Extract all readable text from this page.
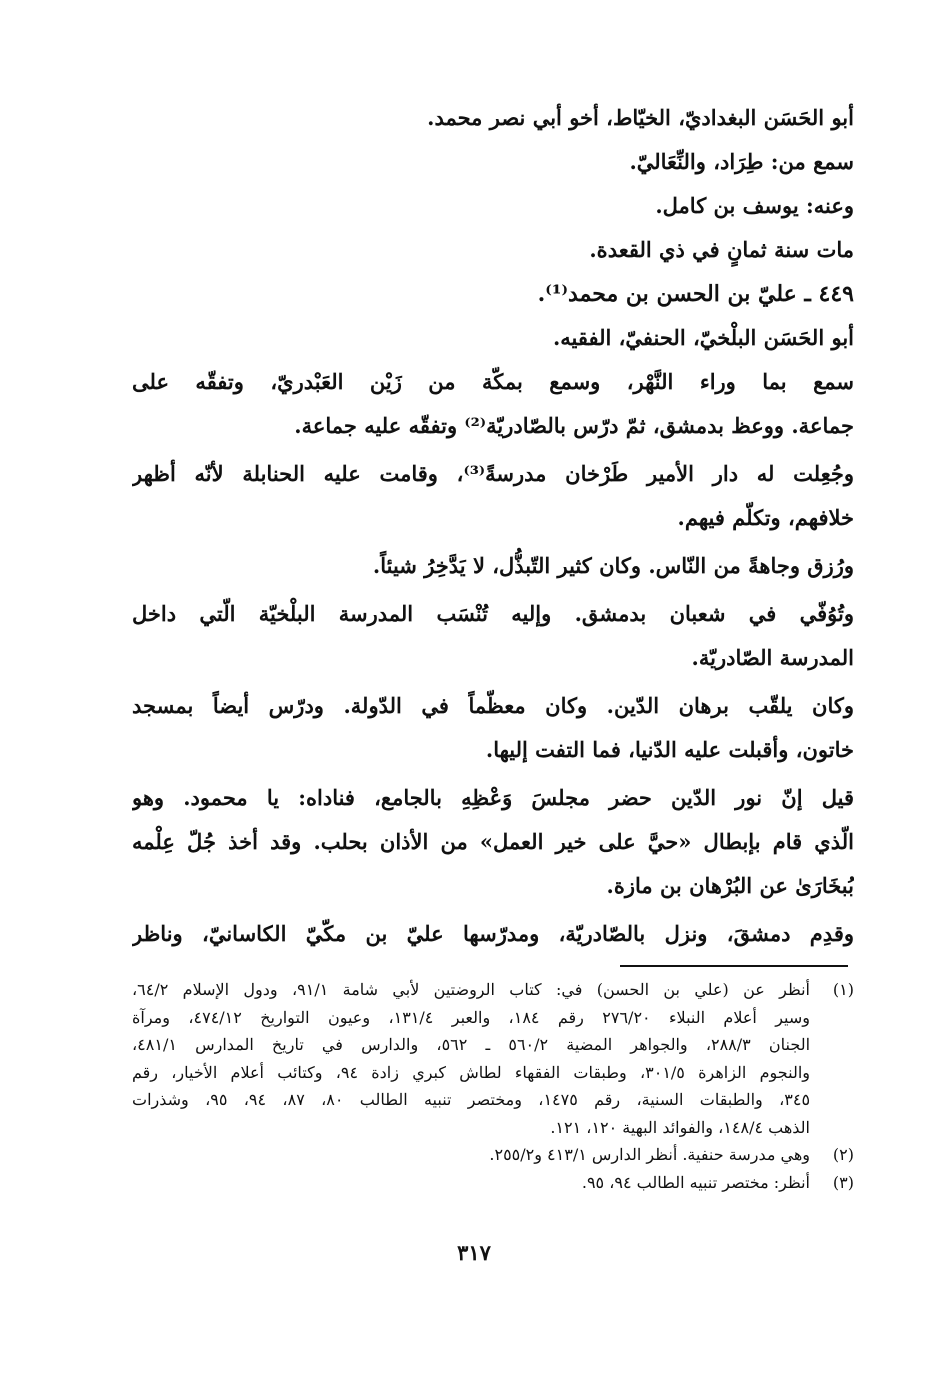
أبو الحَسَن البغداديّ، الخيّاط، أخو أبي نصر محمد.
سمع من: طِرَاد، والنِّعَاليّ.
وعنه: يوسف بن كامل.
مات سنة ثمانٍ في ذي القعدة.
٤٤٩ ـ عليّ بن الحسن بن محمد⁽¹⁾.
أبو الحَسَن البلْخيّ، الحنفيّ، الفقيه.
سمع بما وراء النَّهْر، وسمع بمكّة من زَيْن العَبْدريّ، وتفقّه على
جماعة. ووعظ بدمشق، ثمّ درّس بالصّادريّة⁽²⁾ وتفقّه عليه جماعة.
وجُعِلت له دار الأمير طَرْخان مدرسةً⁽³⁾، وقامت عليه الحنابلة لأنّه أظهر
خلافهم، وتكلّم فيهم.
ورُزق وجاهةً من النّاس. وكان كثير التّبذُّل، لا يَدَّخِرُ شيئاً.
وتُوُفّي في شعبان بدمشق. وإليه تُنْسَب المدرسة البلْخيّة الّتي داخل
المدرسة الصّادريّة.
وكان يلقّب برهان الدّين. وكان معظّماً في الدّولة. ودرّس أيضاً بمسجد
خاتون، وأقبلت عليه الدّنيا، فما التفت إليها.
قيل إنّ نور الدّين حضر مجلسَ وَعْظِهِ بالجامع، فناداه: يا محمود. وهو
الّذي قام بإبطال «حيَّ على خير العمل» من الأذان بحلب. وقد أخذ جُلّ عِلْمه
بُبخَارَىٰ عن البُرْهان بن مازة.
وقدِم دمشقَ، ونزل بالصّادريّة، ومدرّسها عليّ بن مكّيّ الكاسانيّ، وناظر
(١)أنظر عن (علي بن الحسن) في: كتاب الروضتين لأبي شامة ٩١/١، ودول الإسلام ٦٤/٢،
وسير أعلام النبلاء ٢٧٦/٢٠ رقم ١٨٤، والعبر ١٣١/٤، وعيون التواريخ ٤٧٤/١٢، ومرآة
الجنان ٢٨٨/٣، والجواهر المضية ٥٦٠/٢ ـ ٥٦٢، والدارس في تاريخ المدارس ٤٨١/١،
والنجوم الزاهرة ٣٠١/٥، وطبقات الفقهاء لطاش كبري زادة ٩٤، وكتائب أعلام الأخيار، رقم
٣٤٥، والطبقات السنية، رقم ١٤٧٥، ومختصر تنبيه الطالب ٨٠، ٨٧، ٩٤، ٩٥، وشذرات
الذهب ١٤٨/٤، والفوائد البهية ١٢٠، ١٢١.
(٢)وهي مدرسة حنفية. أنظر الدارس ٤١٣/١ و٢٥٥/٢.
(٣)أنظر: مختصر تنبيه الطالب ٩٤، ٩٥.
٣١٧
